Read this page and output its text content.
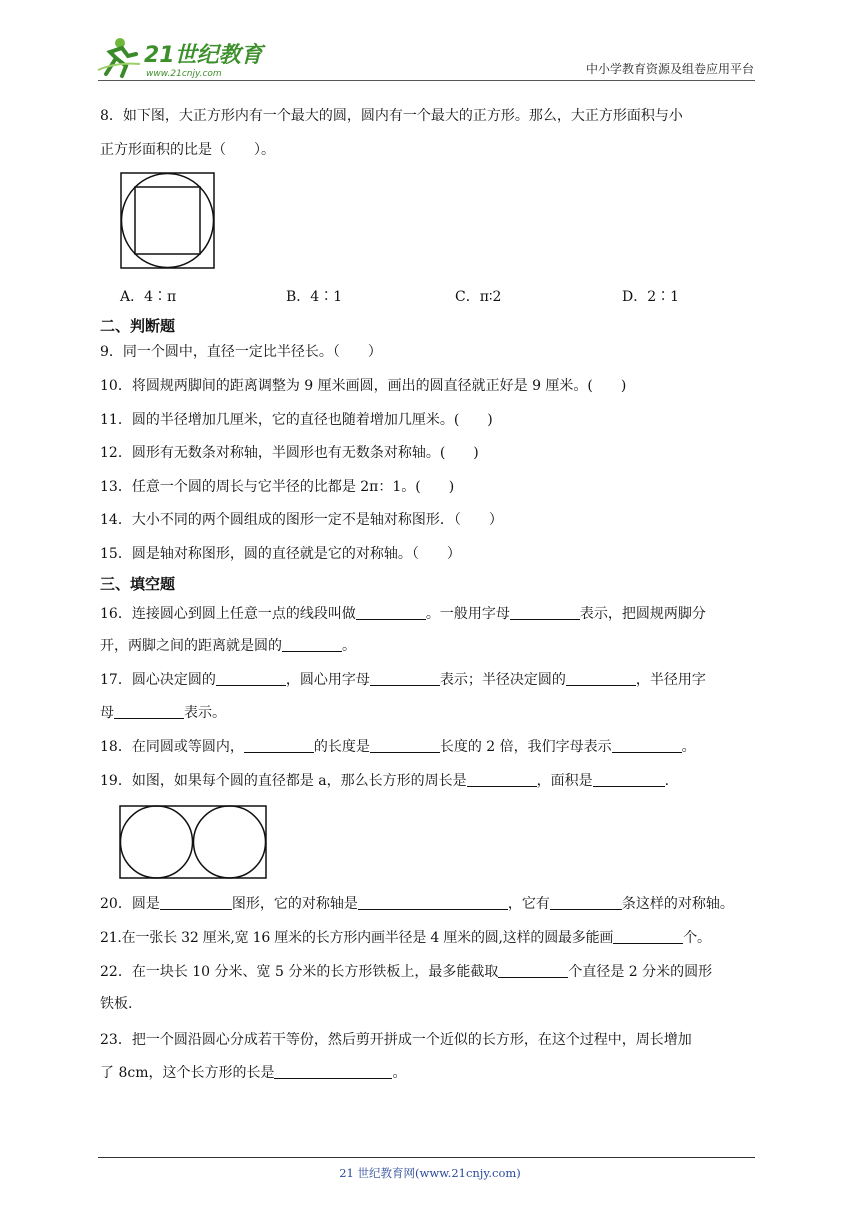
21世纪教育
www.21cnjy.com	中小学教育资源及组卷应用平台
8．如下图，大正方形内有一个最大的圆，圆内有一个最大的正方形。那么，大正方形面积与小
正方形面积的比是（　　）。
A．4∶π	B．4∶1	C．π∶2	D．2∶1
二、判断题
9．同一个圆中，直径一定比半径长。（　　）
10．将圆规两脚间的距离调整为 9 厘米画圆，画出的圆直径就正好是 9 厘米。(　　)
11．圆的半径增加几厘米，它的直径也随着增加几厘米。(　　)
12．圆形有无数条对称轴，半圆形也有无数条对称轴。(　　)
13．任意一个圆的周长与它半径的比都是 2π：1。(　　)
14．大小不同的两个圆组成的图形一定不是轴对称图形．（　　）
15．圆是轴对称图形，圆的直径就是它的对称轴。（　　）
三、填空题
16．连接圆心到圆上任意一点的线段叫做	。一般用字母	表示，把圆规两脚分
开，两脚之间的距离就是圆的	。
17．圆心决定圆的	，圆心用字母	表示；半径决定圆的	，半径用字
母	表示。
18．在同圆或等圆内，	的长度是	长度的 2 倍，我们字母表示	。
19．如图，如果每个圆的直径都是 a，那么长方形的周长是	，面积是	.
20．圆是	图形，它的对称轴是	，它有	条这样的对称轴。
21.在一张长 32 厘米,宽 16 厘米的长方形内画半径是 4 厘米的圆,这样的圆最多能画	个。
22．在一块长 10 分米、宽 5 分米的长方形铁板上，最多能截取	个直径是 2 分米的圆形
铁板.
23．把一个圆沿圆心分成若干等份，然后剪开拼成一个近似的长方形，在这个过程中，周长增加
了 8cm，这个长方形的长是	。
21 世纪教育网(www.21cnjy.com)
